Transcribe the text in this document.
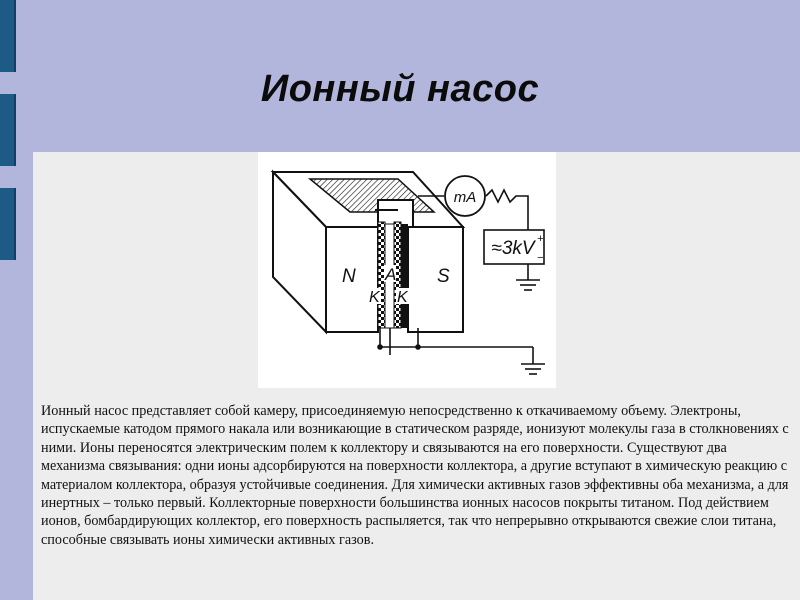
Ионный насос
mA
≈3kV +
−
N	S
A
K K

Ионный насос представляет собой камеру, присоединяемую непосредственно к откачиваемому объему. Электроны, испускаемые катодом прямого накала или возникающие в статическом разряде, ионизуют молекулы газа в столкновениях с ними. Ионы переносятся электрическим полем к коллектору и связываются на его поверхности. Существуют два механизма связывания: одни ионы адсорбируются на поверхности коллектора, а другие вступают в химическую реакцию с материалом коллектора, образуя устойчивые соединения. Для химически активных газов эффективны оба механизма, а для инертных – только первый. Коллекторные поверхности большинства ионных насосов покрыты титаном. Под действием ионов, бомбардирующих коллектор, его поверхность распыляется, так что непрерывно открываются свежие слои титана, способные связывать ионы химически активных газов.
